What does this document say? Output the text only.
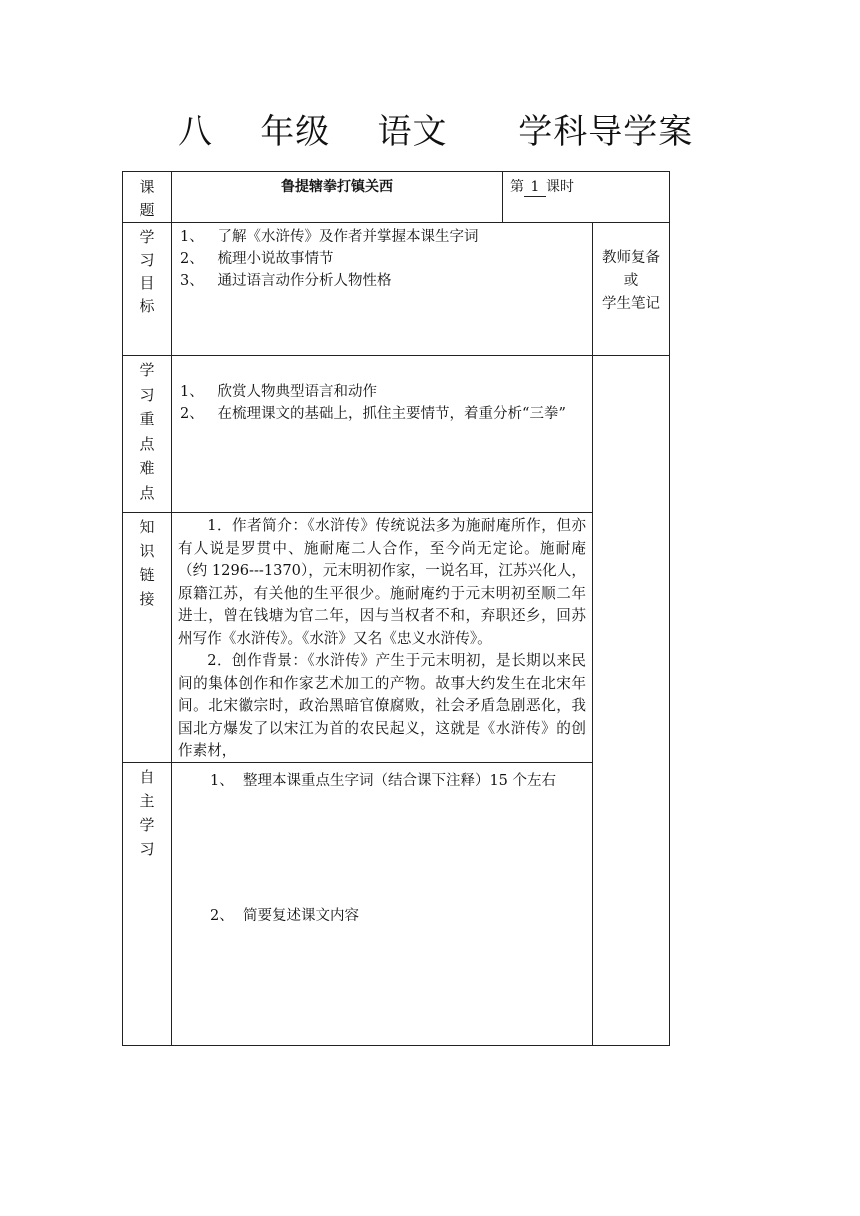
八    年级    语文      学科导学案
课
题
鲁提辖拳打镇关西	第 1 课时
学
习
目
标
1、   了解《水浒传》及作者并掌握本课生字词
2、   梳理小说故事情节
3、   通过语言动作分析人物性格
教师复备
或
学生笔记
学
习
重
点
难
点
1、   欣赏人物典型语言和动作
2、   在梳理课文的基础上，抓住主要情节，着重分析“三拳”
知
识
链
接

1．作者简介：《水浒传》传统说法多为施耐庵所作，但亦有人说是罗贯中、施耐庵二人合作，至今尚无定论。施耐庵（约 1296---1370），元末明初作家，一说名耳，江苏兴化人，原籍江苏，有关他的生平很少。施耐庵约于元末明初至顺二年进士，曾在钱塘为官二年，因与当权者不和，弃职还乡，回苏州写作《水浒传》。《水浒》又名《忠义水浒传》。

2．创作背景：《水浒传》产生于元末明初，是长期以来民间的集体创作和作家艺术加工的产物。故事大约发生在北宋年间。北宋徽宗时，政治黑暗官僚腐败，社会矛盾急剧恶化，我国北方爆发了以宋江为首的农民起义，这就是《水浒传》的创作素材，

自
主
学
习
1、  整理本课重点生字词（结合课下注释）15 个左右
2、  简要复述课文内容
